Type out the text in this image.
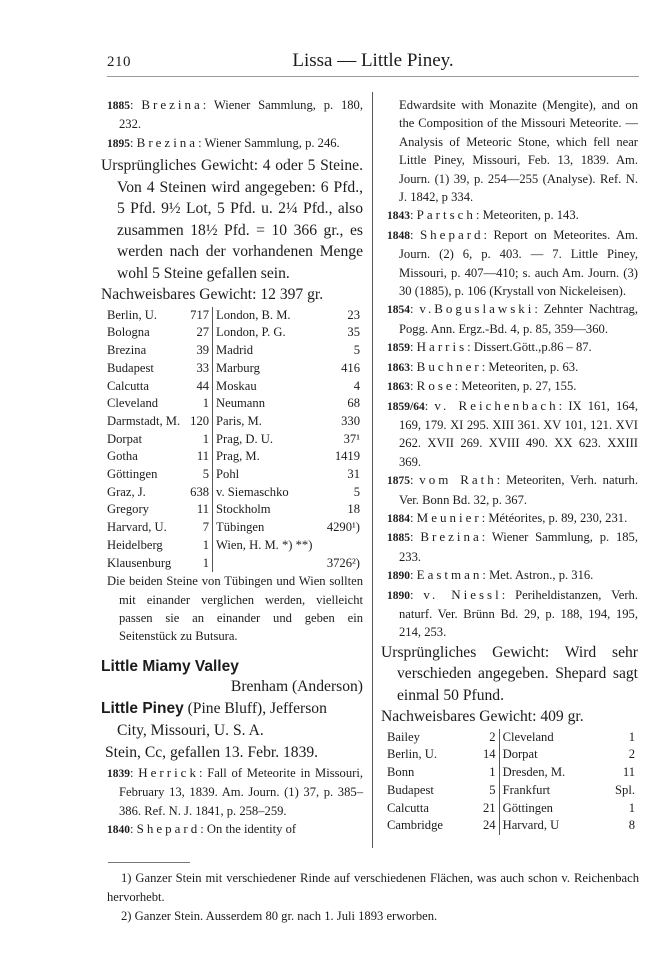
210	Lissa — Little Piney.
1885: Brezina: Wiener Sammlung, p. 180, 232.
1895: Brezina: Wiener Sammlung, p. 246.
Ursprüngliches Gewicht: 4 oder 5 Steine. Von 4 Steinen wird angegeben: 6 Pfd., 5 Pfd. 9½ Lot, 5 Pfd. u. 2¼ Pfd., also zusammen 18½ Pfd. = 10 366 gr., es werden nach der vorhandenen Menge wohl 5 Steine gefallen sein.
Nachweisbares Gewicht: 12 397 gr.
Berlin, U.	717		London, B. M.	23
Bologna	27		London, P. G.	35
Brezina	39		Madrid	5
Budapest	33		Marburg	416
Calcutta	44		Moskau	4
Cleveland	1		Neumann	68
Darmstadt, M.	120		Paris, M.	330
Dorpat	1		Prag, D. U.	37¹
Gotha	11		Prag, M.	1419
Göttingen	5		Pohl	31
Graz, J.	638		v. Siemaschko	5
Gregory	11		Stockholm	18
Harvard, U.	7		Tübingen	4290¹)
Heidelberg	1		Wien, H. M. *) **)	
Klausenburg	1			3726²)
Die beiden Steine von Tübingen und Wien sollten mit einander verglichen werden, vielleicht passen sie an einander und geben ein Seitenstück zu Butsura.
Little Miamy Valley
Brenham (Anderson)
Little Piney (Pine Bluff), Jefferson
City, Missouri, U. S. A.
Stein, Cc, gefallen 13. Febr. 1839.
1839: Herrick: Fall of Meteorite in Missouri, February 13, 1839. Am. Journ. (1) 37, p. 385–386. Ref. N. J. 1841, p. 258–259.
1840: Shepard: On the identity of
Edwardsite with Monazite (Mengite), and on the Composition of the Missouri Meteorite. — Analysis of Meteoric Stone, which fell near Little Piney, Missouri, Feb. 13, 1839. Am. Journ. (1) 39, p. 254—255 (Analyse). Ref. N. J. 1842, p 334.
1843: Partsch: Meteoriten, p. 143.
1848: Shepard: Report on Meteorites. Am. Journ. (2) 6, p. 403. — 7. Little Piney, Missouri, p. 407—410; s. auch Am. Journ. (3) 30 (1885), p. 106 (Krystall von Nickeleisen).
1854: v.Boguslawski: Zehnter Nachtrag, Pogg. Ann. Ergz.-Bd. 4, p. 85, 359—360.
1859: Harris: Dissert.Gött.,p.86 – 87.
1863: Buchner: Meteoriten, p. 63.
1863: Rose: Meteoriten, p. 27, 155.
1859/64: v. Reichenbach: IX 161, 164, 169, 179. XI 295. XIII 361. XV 101, 121. XVI 262. XVII 269. XVIII 490. XX 623. XXIII 369.
1875: vom Rath: Meteoriten, Verh. naturh. Ver. Bonn Bd. 32, p. 367.
1884: Meunier: Météorites, p. 89, 230, 231.
1885: Brezina: Wiener Sammlung, p. 185, 233.
1890: Eastman: Met. Astron., p. 316.
1890: v. Niessl: Periheldistanzen, Verh. naturf. Ver. Brünn Bd. 29, p. 188, 194, 195, 214, 253.
Ursprüngliches Gewicht: Wird sehr verschieden angegeben. Shepard sagt einmal 50 Pfund.
Nachweisbares Gewicht: 409 gr.
Bailey	2		Cleveland	1
Berlin, U.	14		Dorpat	2
Bonn	1		Dresden, M.	11
Budapest	5		Frankfurt	Spl.
Calcutta	21		Göttingen	1
Cambridge	24		Harvard, U	8
1) Ganzer Stein mit verschiedener Rinde auf verschiedenen Flächen, was auch schon v. Reichenbach hervorhebt.
2) Ganzer Stein. Ausserdem 80 gr. nach 1. Juli 1893 erworben.
